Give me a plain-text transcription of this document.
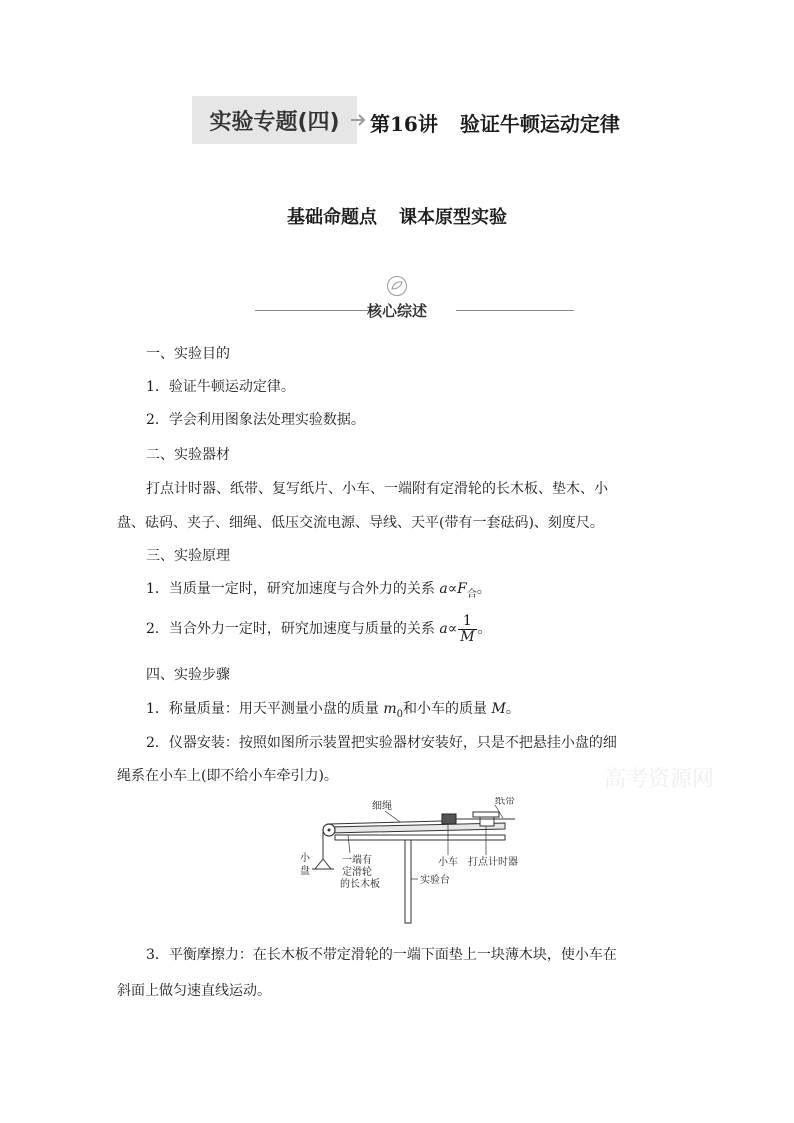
实验专题(四)	第16讲 验证牛顿运动定律
基础命题点 课本原型实验
核心综述
一、实验目的
1．验证牛顿运动定律。
2．学会利用图象法处理实验数据。
二、实验器材
打点计时器、纸带、复写纸片、小车、一端附有定滑轮的长木板、垫木、小
盘、砝码、夹子、细绳、低压交流电源、导线、天平(带有一套砝码)、刻度尺。
三、实验原理
1．当质量一定时，研究加速度与合外力的关系 $a\propto F_合$。
2．当合外力一定时，研究加速度与质量的关系 $a\propto \frac{1}{M}$ 。
四、实验步骤
1．称量质量：用天平测量小盘的质量 $m_0$和小车的质量 M。
2．仪器安装：按照如图所示装置把实验器材安装好，只是不把悬挂小盘的细
绳系在小车上(即不给小车牵引力)。	高考资源网
细绳	纸带
小车 打点计时器
小
盘
一端有
定滑轮
的长木板	实验台
3．平衡摩擦力：在长木板不带定滑轮的一端下面垫上一块薄木块，使小车在
斜面上做匀速直线运动。
